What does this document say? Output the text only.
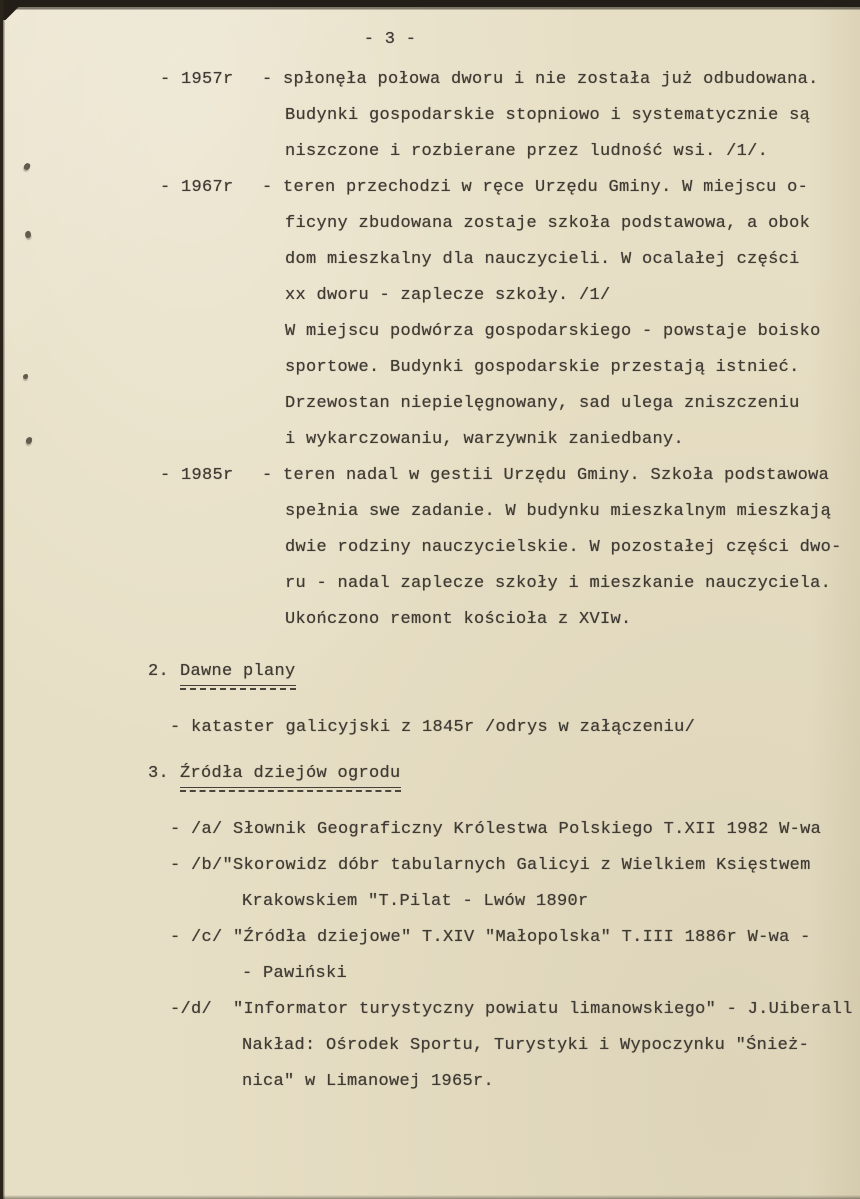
- 3 -
- 1957r - spłonęła połowa dworu i nie została już odbudowana.
Budynki gospodarskie stopniowo i systematycznie są
niszczone i rozbierane przez ludność wsi. /1/.
- 1967r - teren przechodzi w ręce Urzędu Gminy. W miejscu o-
ficyny zbudowana zostaje szkoła podstawowa, a obok
dom mieszkalny dla nauczycieli. W ocalałej części
xx dworu - zaplecze szkoły. /1/
W miejscu podwórza gospodarskiego - powstaje boisko
sportowe. Budynki gospodarskie przestają istnieć.
Drzewostan niepielęgnowany, sad ulega zniszczeniu
i wykarczowaniu, warzywnik zaniedbany.
- 1985r - teren nadal w gestii Urzędu Gminy. Szkoła podstawowa
spełnia swe zadanie. W budynku mieszkalnym mieszkają
dwie rodziny nauczycielskie. W pozostałej części dwo-
ru - nadal zaplecze szkoły i mieszkanie nauczyciela.
Ukończono remont kościoła z XVIw.
2. Dawne plany
- kataster galicyjski z 1845r /odrys w załączeniu/
3. Źródła dziejów ogrodu
- /a/ Słownik Geograficzny Królestwa Polskiego T.XII 1982 W-wa
- /b/"Skorowidz dóbr tabularnych Galicyi z Wielkiem Księstwem
Krakowskiem "T.Pilat - Lwów 1890r
- /c/ "Źródła dziejowe" T.XIV "Małopolska" T.III 1886r W-wa -
- Pawiński
-/d/  "Informator turystyczny powiatu limanowskiego" - J.Uiberall
Nakład: Ośrodek Sportu, Turystyki i Wypoczynku "Śnież-
nica" w Limanowej 1965r.
